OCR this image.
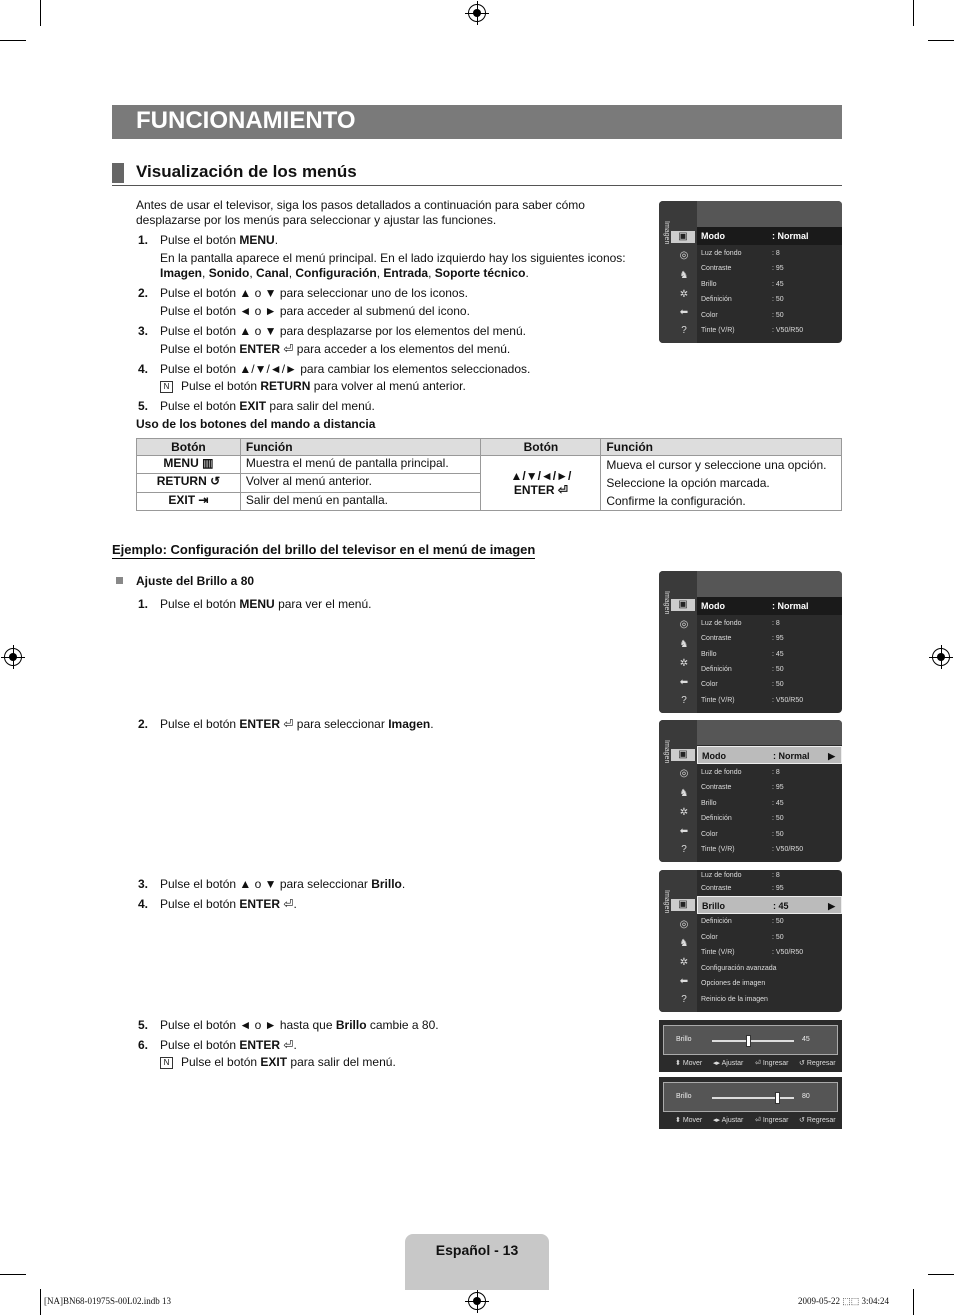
FUNCIONAMIENTO
Visualización de los menús
Antes de usar el televisor, siga los pasos detallados a continuación para saber cómo
desplazarse por los menús para seleccionar y ajustar las funciones.
1. Pulse el botón MENU.
En la pantalla aparece el menú principal. En el lado izquierdo hay los siguientes iconos:
Imagen, Sonido, Canal, Configuración, Entrada, Soporte técnico.
2. Pulse el botón ▲ o ▼ para seleccionar uno de los iconos.
Pulse el botón ◄ o ► para acceder al submenú del icono.
3. Pulse el botón ▲ o ▼ para desplazarse por los elementos del menú.
Pulse el botón ENTER ⏎ para acceder a los elementos del menú.
4. Pulse el botón ▲/▼/◄/► para cambiar los elementos seleccionados.
N Pulse el botón RETURN para volver al menú anterior.
5. Pulse el botón EXIT para salir del menú.
Uso de los botones del mando a distancia
Botón	Función	Botón	Función
MENU ▥	Muestra el menú de pantalla principal.	▲/▼/◄/►/
ENTER ⏎	Mueva el cursor y seleccione una opción.
Seleccione la opción marcada.
Confirme la configuración.
RETURN ↺	Volver al menú anterior.		
EXIT ⇥	Salir del menú en pantalla.		
Ejemplo: Configuración del brillo del televisor en el menú de imagen
Ajuste del Brillo a 80
1. Pulse el botón MENU para ver el menú.
2. Pulse el botón ENTER ⏎ para seleccionar Imagen.
3. Pulse el botón ▲ o ▼ para seleccionar Brillo.
4. Pulse el botón ENTER ⏎.
5. Pulse el botón ◄ o ► hasta que Brillo cambie a 80.
6. Pulse el botón ENTER ⏎.
N Pulse el botón EXIT para salir del menú.
Imagen ▣
◎
♞
✲
⬅
?
Modo	: Normal
Luz de fondo	: 8
Contraste	: 95
Brillo	: 45
Definición	: 50
Color	: 50
Tinte (V/R)	: V50/R50
Imagen ▣
◎
♞
✲
⬅
?
Modo	: Normal
Luz de fondo	: 8
Contraste	: 95
Brillo	: 45
Definición	: 50
Color	: 50
Tinte (V/R)	: V50/R50
Imagen ▣
◎
♞
✲
⬅
?
Modo	: Normal ▶
Luz de fondo	: 8
Contraste	: 95
Brillo	: 45
Definición	: 50
Color	: 50
Tinte (V/R)	: V50/R50
Imagen ▣
◎
♞
✲
⬅
?
Luz de fondo	: 8
Contraste	: 95
Brillo	: 45	▶
Definición	: 50
Color	: 50
Tinte (V/R)	: V50/R50
Configuración avanzada
Opciones de imagen
Reinicio de la imagen
Brillo	45
⬍ Mover ◂▸ Ajustar ⏎ Ingresar ↺ Regresar
Brillo	80
⬍ Mover ◂▸ Ajustar ⏎ Ingresar ↺ Regresar
Español - 13
[NA]BN68-01975S-00L02.indb 13	2009-05-22 ⬚⬚ 3:04:24
